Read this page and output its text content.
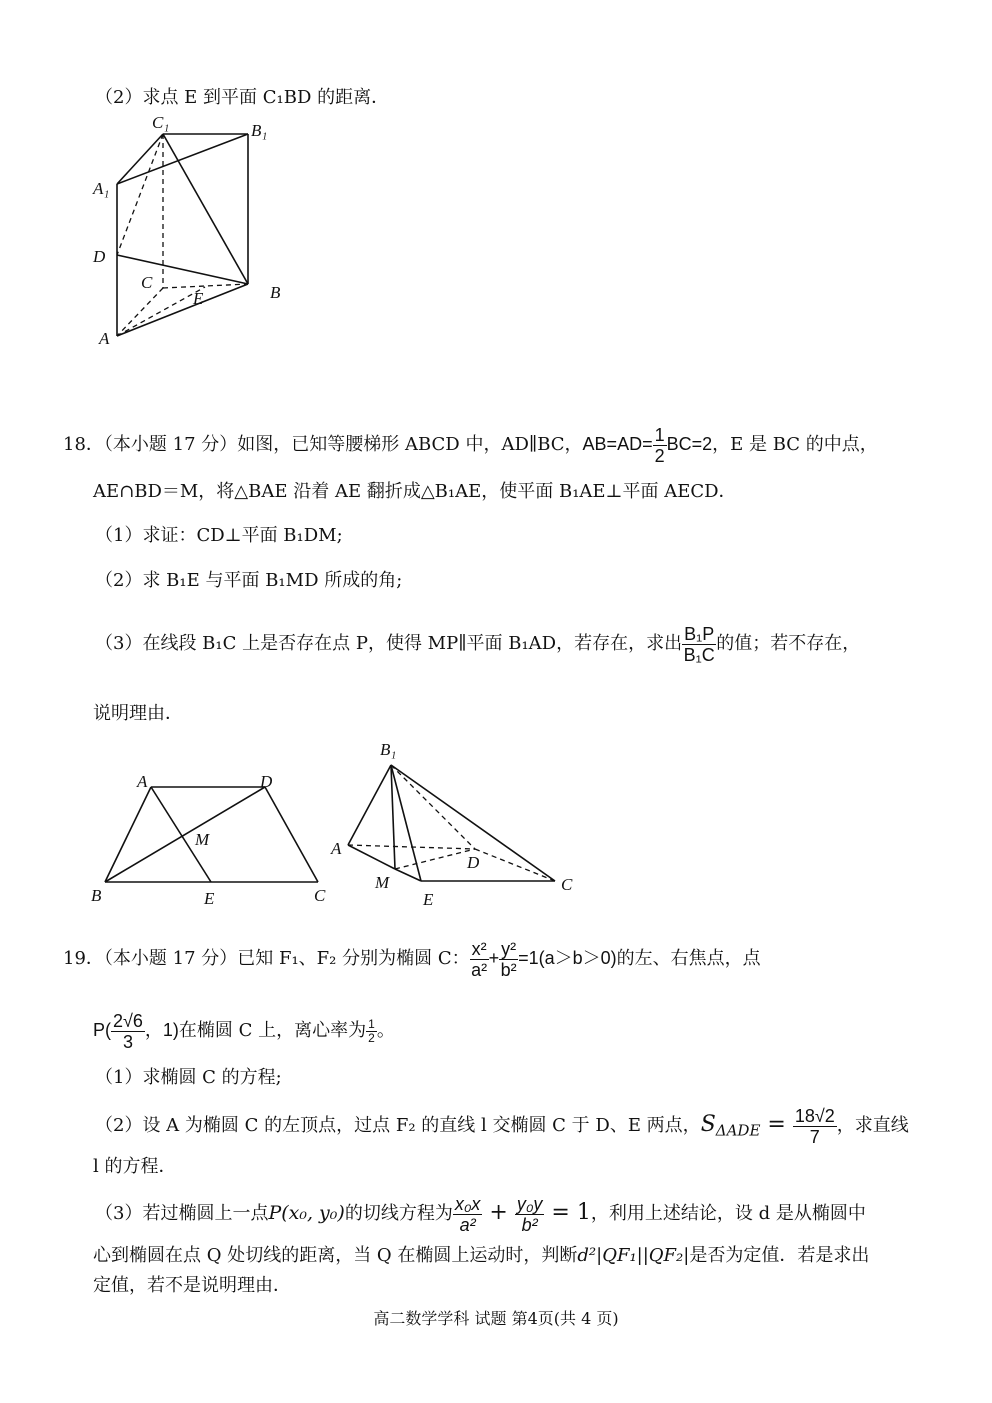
（2）求点 E 到平面 C₁BD 的距离．
C₁	B₁
A₁
D
C
E	B
A
18．（本小题 17 分）如图，已知等腰梯形 ABCD 中，AD∥BC，$AB=AD= \frac{1}{2} BC=2$，E 是 BC 的中点，
AE∩BD＝M，将△BAE 沿着 AE 翻折成△B₁AE，使平面 B₁AE⊥平面 AECD．
（1）求证：CD⊥平面 B₁DM;
（2）求 B₁E 与平面 B₁MD 所成的角;
（3）在线段 B₁C 上是否存在点 P，使得 MP∥平面 B₁AD，若存在，求出 $\frac{\text{B₁P}}{\text{B₁C}}$ 的值；若不存在，
说明理由．
A	D
M
B	E	C
B₁
A
D
M
E
C
19．（本小题 17 分）已知 F₁、F₂ 分别为椭圆 C： $\frac{\text{x²}}{\text{a²}} + \frac{\text{y²}}{\text{b²}} =1(a>b>0)$的左、右焦点，点
$P( \frac{2√6}{3}$ ，1)在椭圆 C 上，离心率为 $\frac{1}{2}$ 。
（1）求椭圆 C 的方程;
（2）设 A 为椭圆 C 的左顶点，过点 F₂ 的直线 l 交椭圆 C 于 D、E 两点，$S_{\Delta ADE} = \frac{18√2}{7}$ ，求直线
l 的方程．
（3）若过椭圆上一点P(x₀, y₀)的切线方程为 $\frac{\text{x₀x}}{\text{a²}} + \frac{\text{y₀y}}{\text{b²}} = 1$，利用上述结论，设 d 是从椭圆中
心到椭圆在点 Q 处切线的距离，当 Q 在椭圆上运动时，判断d²|QF₁||QF₂|是否为定值．若是求出
定值，若不是说明理由．
高二数学学科 试题 第4页(共 4 页)
